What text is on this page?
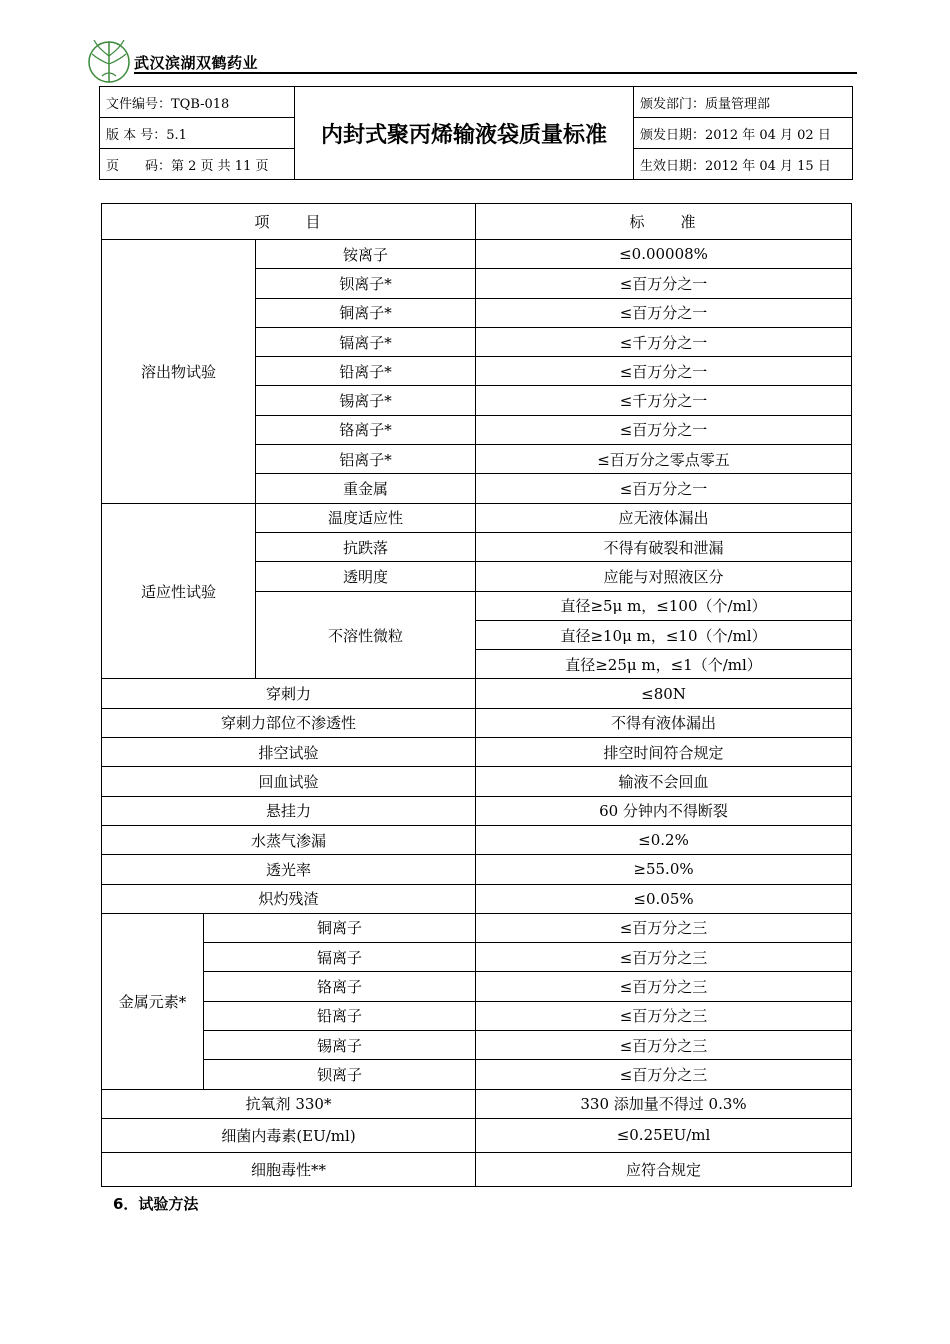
武汉滨湖双鹤药业
文件编号：TQB-018	内封式聚丙烯输液袋质量标准	颁发部门：质量管理部
版 本 号：5.1		颁发日期：2012 年 04 月 02 日
页　　码：第 2 页 共 11 页		生效日期：2012 年 04 月 15 日
项　　目			标　　准
溶出物试验		铵离子	≤0.00008%
		钡离子*	≤百万分之一
		铜离子*	≤百万分之一
		镉离子*	≤千万分之一
		铅离子*	≤百万分之一
		锡离子*	≤千万分之一
		铬离子*	≤百万分之一
		铝离子*	≤百万分之零点零五
		重金属	≤百万分之一
适应性试验		温度适应性	应无液体漏出
		抗跌落	不得有破裂和泄漏
		透明度	应能与对照液区分
		不溶性微粒	直径≥5μ m，≤100（个/ml）
			直径≥10μ m，≤10（个/ml）
			直径≥25μ m，≤1（个/ml）
穿刺力			≤80N
穿刺力部位不渗透性			不得有液体漏出
排空试验			排空时间符合规定
回血试验			输液不会回血
悬挂力			60 分钟内不得断裂
水蒸气渗漏			≤0.2%
透光率			≥55.0%
炽灼残渣			≤0.05%
金属元素*	铜离子		≤百万分之三
	镉离子		≤百万分之三
	铬离子		≤百万分之三
	铅离子		≤百万分之三
	锡离子		≤百万分之三
	钡离子		≤百万分之三
抗氧剂 330*			330 添加量不得过 0.3%
细菌内毒素(EU/ml)			≤0.25EU/ml
细胞毒性**			应符合规定
6．试验方法
